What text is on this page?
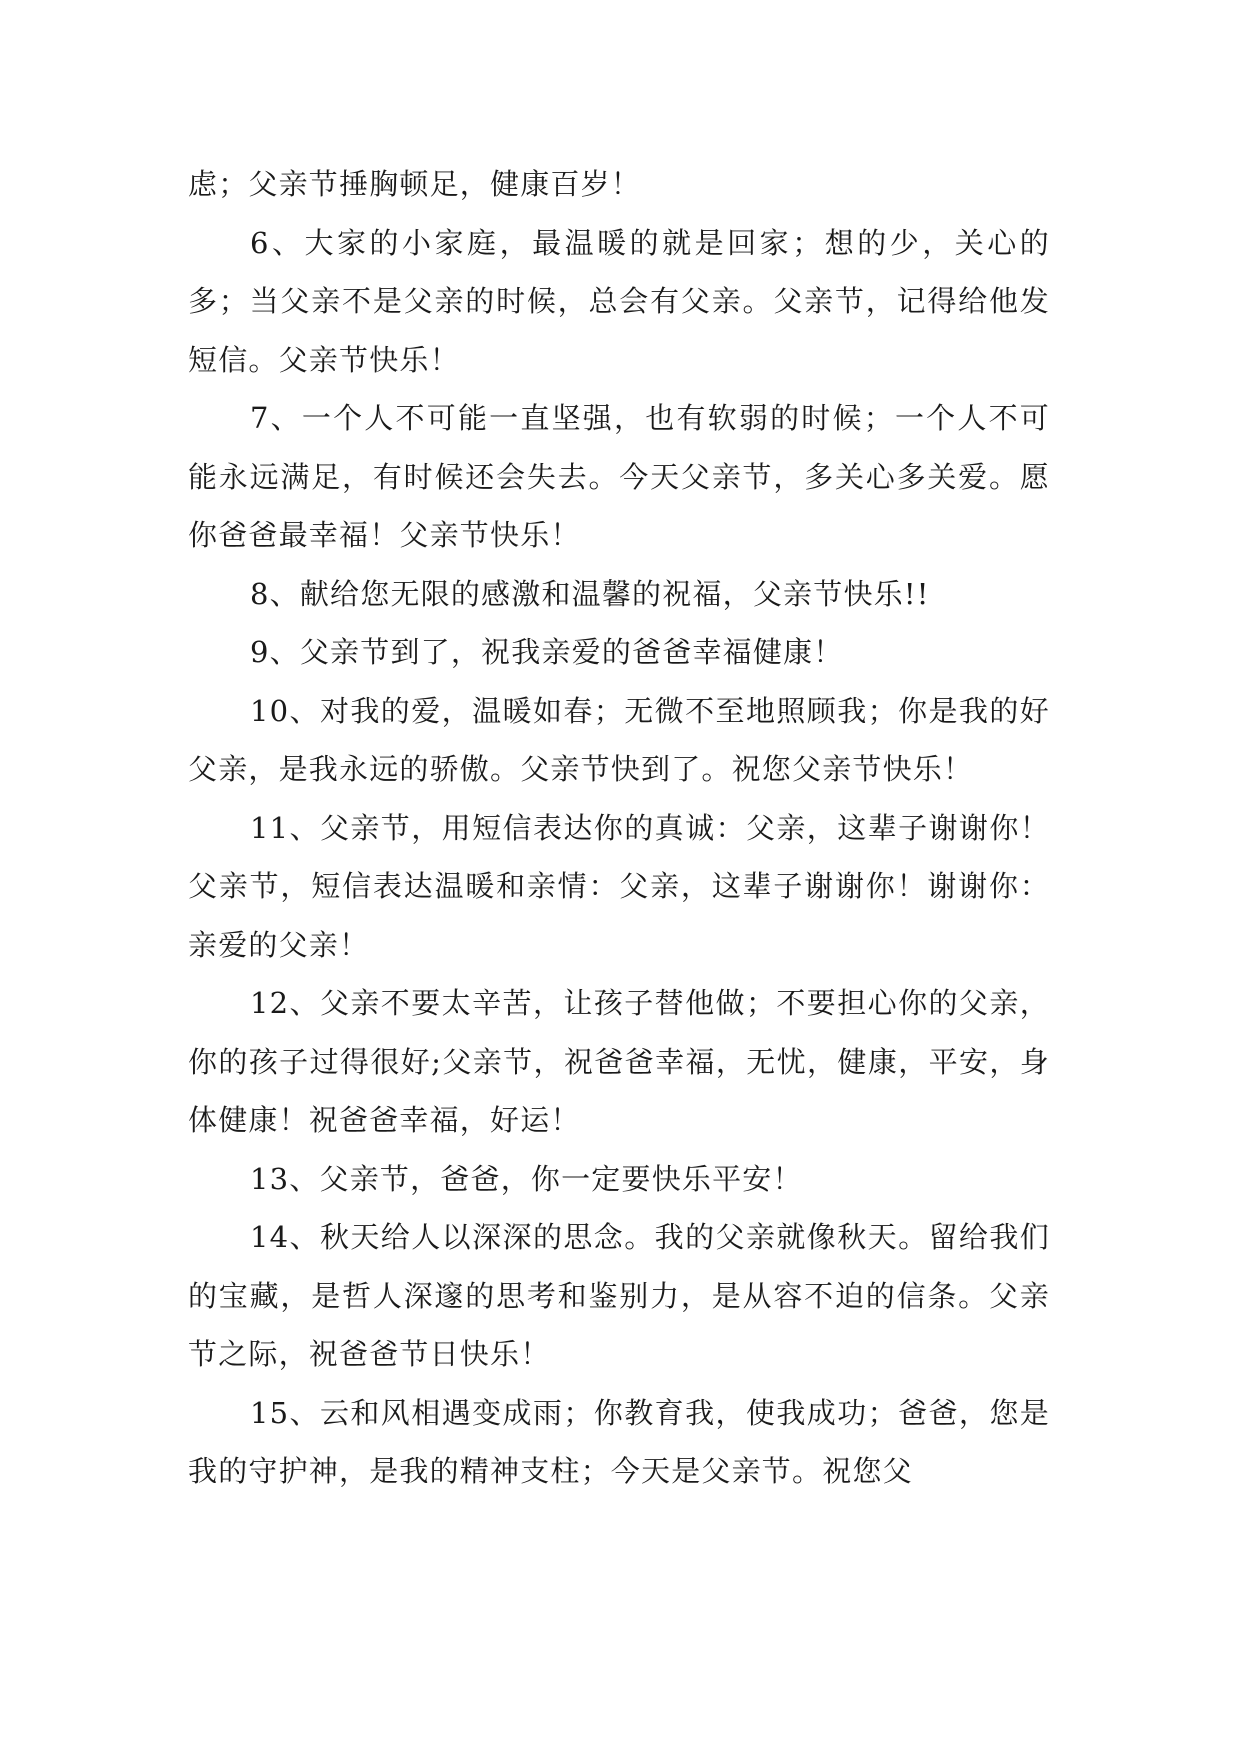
虑；父亲节捶胸顿足，健康百岁！

6、大家的小家庭，最温暖的就是回家；想的少，关心的多；当父亲不是父亲的时候，总会有父亲。父亲节，记得给他发短信。父亲节快乐！

7、一个人不可能一直坚强，也有软弱的时候；一个人不可能永远满足，有时候还会失去。今天父亲节，多关心多关爱。愿你爸爸最幸福！父亲节快乐！

8、献给您无限的感激和温馨的祝福，父亲节快乐!!

9、父亲节到了，祝我亲爱的爸爸幸福健康！

10、对我的爱，温暖如春；无微不至地照顾我；你是我的好父亲，是我永远的骄傲。父亲节快到了。祝您父亲节快乐！

11、父亲节，用短信表达你的真诚：父亲，这辈子谢谢你！父亲节，短信表达温暖和亲情：父亲，这辈子谢谢你！谢谢你：亲爱的父亲！

12、父亲不要太辛苦，让孩子替他做；不要担心你的父亲，你的孩子过得很好;父亲节，祝爸爸幸福，无忧，健康，平安，身体健康！祝爸爸幸福，好运！

13、父亲节，爸爸，你一定要快乐平安！

14、秋天给人以深深的思念。我的父亲就像秋天。留给我们的宝藏，是哲人深邃的思考和鉴别力，是从容不迫的信条。父亲节之际，祝爸爸节日快乐！

15、云和风相遇变成雨；你教育我，使我成功；爸爸，您是我的守护神，是我的精神支柱；今天是父亲节。祝您父
